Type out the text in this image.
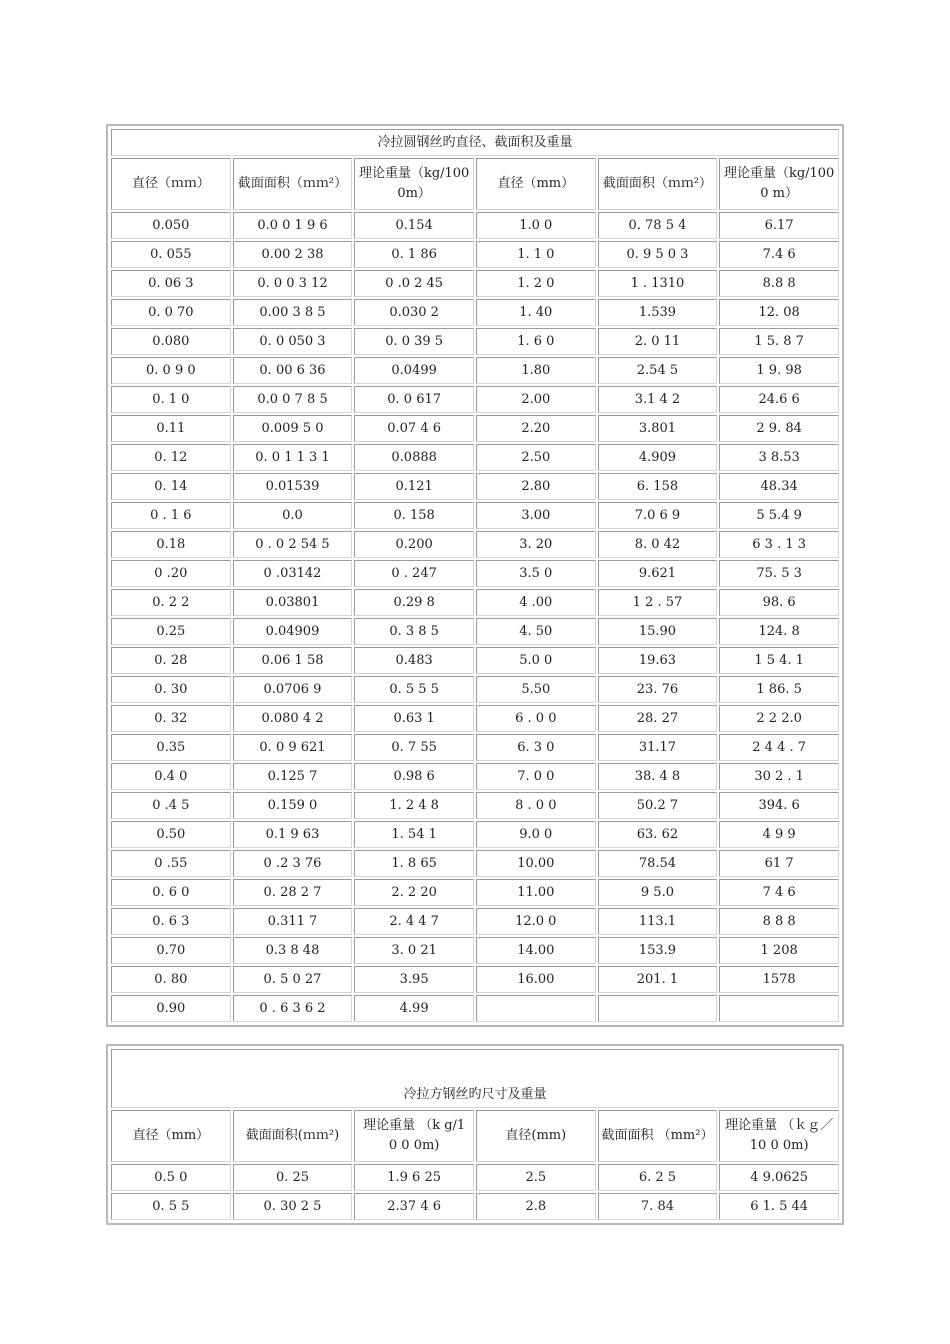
冷拉圆钢丝旳直径、截面积及重量					
直径（ｍｍ）	截面面积（ｍｍ²）	理论重量（kg/1000m）	直径（mm）	截面面积（ｍｍ²）	理论重量（kg/1000 m）
0.050	0.0 0 1 9 6	0.154	1.0 0	0. 78 5 4	6.17
0. 055	0.00 2 38	0. 1 86	1. 1 0	0. 9 5 0 3	7.4 6
0. 06 3	0. 0 0 3 12	0 .0 2 45	1. 2 0	1 . 1310	8.8 8
0. 0 70	0.00 3 8 5	0.030 2	1. 40	1.539	12. 08
0.080	0. 0 050 3	0. 0 39 5	1. 6 0	2. 0 11	1 5. 8 7
0. 0 9 0	0. 00 6 36	0.0499	1.80	2.54 5	1 9. 98
0. 1 0	0.0 0 7 8 5	0. 0 617	2.00	3.1 4 2	24.6 6
0.11	0.009 5 0	0.07 4 6	2.20	3.801	2 9. 84
0. 12	0. 0 1 1 3 1	0.0888	2.50	4.909	3 8.53
0. 14	0.01539	0.121	2.80	6. 158	48.34
0 . 1 6	0.0	0. 158	3.00	7.0 6 9	5 5.4 9
0.18	0 . 0 2 54 5	0.200	3. 20	8. 0 42	6 3 . 1 3
0 .20	0 .03142	0 . 247	3.5 0	9.621	75. 5 3
0. 2 2	0.03801	0.29 8	4 .00	1 2 . 57	98. 6
0.25	0.04909	0. 3 8 5	4. 50	15.90	124. 8
0. 28	0.06 1 58	0.483	5.0 0	19.63	1 5 4. 1
0. 30	0.0706 9	0. 5 5 5	5.50	23. 76	1 86. 5
0. 32	0.080 4 2	0.63 1	6 . 0 0	28. 27	2 2 2.0
0.35	0. 0 9 621	0. 7 55	6. 3 0	31.17	2 4 4 . 7
0.4 0	0.125 7	0.98 6	7. 0 0	38. 4 8	30 2 . 1
0 .4 5	0.159 0	1. 2 4 8	8 . 0 0	50.2 7	394. 6
0.50	0.1 9 63	1. 54 1	9.0 0	63. 62	4 9 9
0 .55	0 .2 3 76	1. 8 65	10.00	78.54	61 7
0. 6 0	0. 28 2 7	2. 2 20	11.00	9 5.0	7 4 6
0. 6 3	0.311 7	2. 4 4 7	12.0 0	113.1	8 8 8
0.70	0.3 8 48	3. 0 21	14.00	153.9	1 208
0. 80	0. 5 0 27	3.95	16.00	201. 1	1578
0.90	0 . 6 3 6 2	4.99			
冷拉方钢丝旳尺寸及重量					
直径（mm）	截面面积(ｍｍ²)	理论重量 （k g/1 0 0 0m)	直径(mm)	截面面积 （mm²）	理论重量 （ｋｇ／10 0 0m)
0.5 0	0. 25	1.9 6 25	2.5	6. 2 5	4 9.0625
0. 5 5	0. 30 2 5	2.37 4 6	2.8	7. 84	6 1. 5 44
